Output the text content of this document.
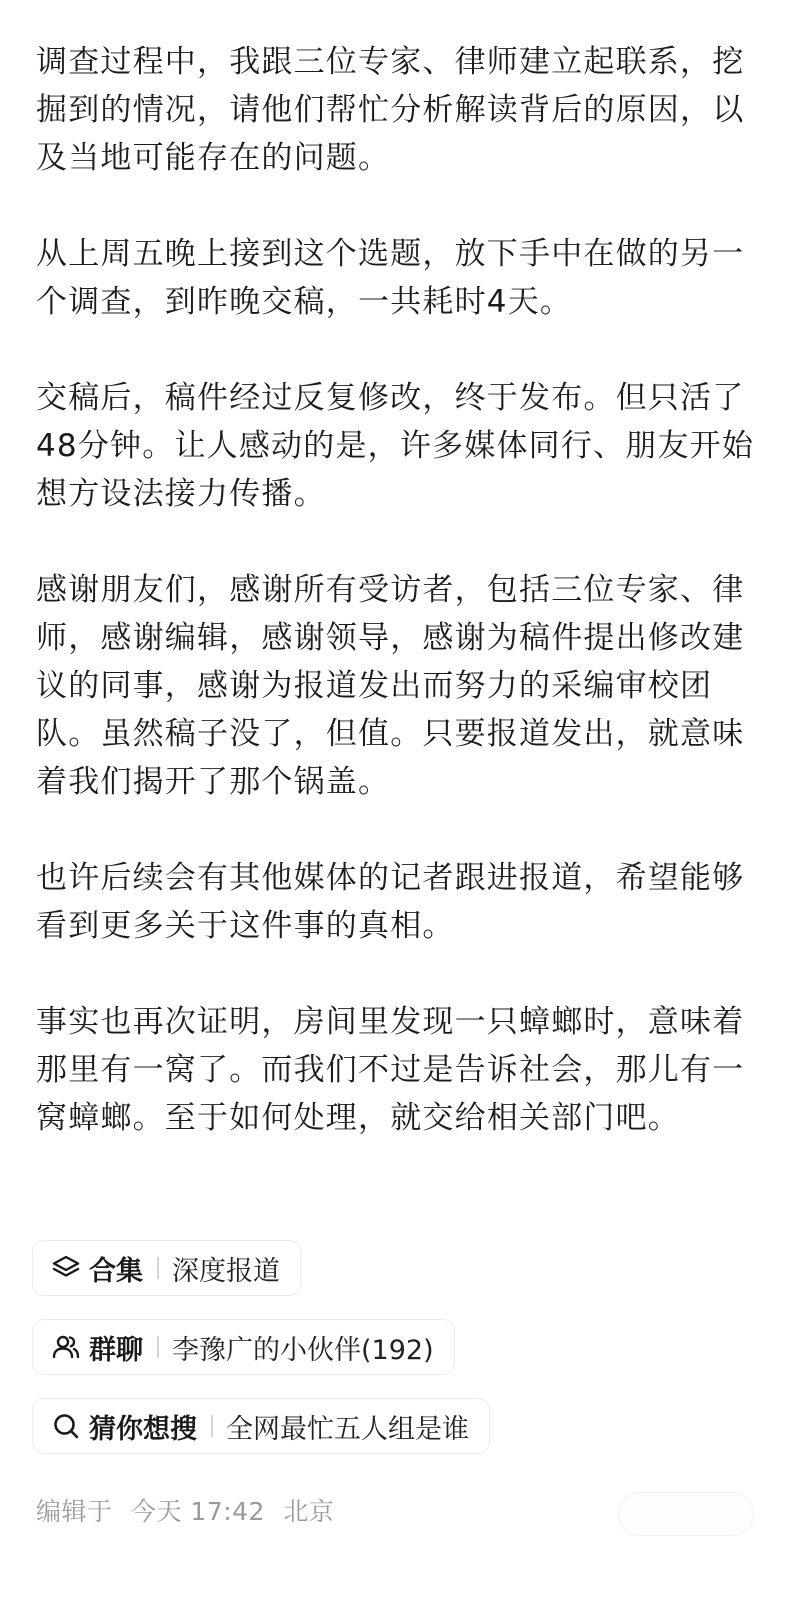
调查过程中，我跟三位专家、律师建立起联系，挖掘到的情况，请他们帮忙分析解读背后的原因，以及当地可能存在的问题。

从上周五晚上接到这个选题，放下手中在做的另一个调查，到昨晚交稿，一共耗时4天。

交稿后，稿件经过反复修改，终于发布。但只活了48分钟。让人感动的是，许多媒体同行、朋友开始想方设法接力传播。

感谢朋友们，感谢所有受访者，包括三位专家、律师，感谢编辑，感谢领导，感谢为稿件提出修改建议的同事，感谢为报道发出而努力的采编审校团队。虽然稿子没了，但值。只要报道发出，就意味着我们揭开了那个锅盖。

也许后续会有其他媒体的记者跟进报道，希望能够看到更多关于这件事的真相。

事实也再次证明，房间里发现一只蟑螂时，意味着那里有一窝了。而我们不过是告诉社会，那儿有一窝蟑螂。至于如何处理，就交给相关部门吧。

合集 深度报道
群聊 李豫广的小伙伴(192)
猜你想搜 全网最忙五人组是谁
编辑于 今天 17:42 北京
